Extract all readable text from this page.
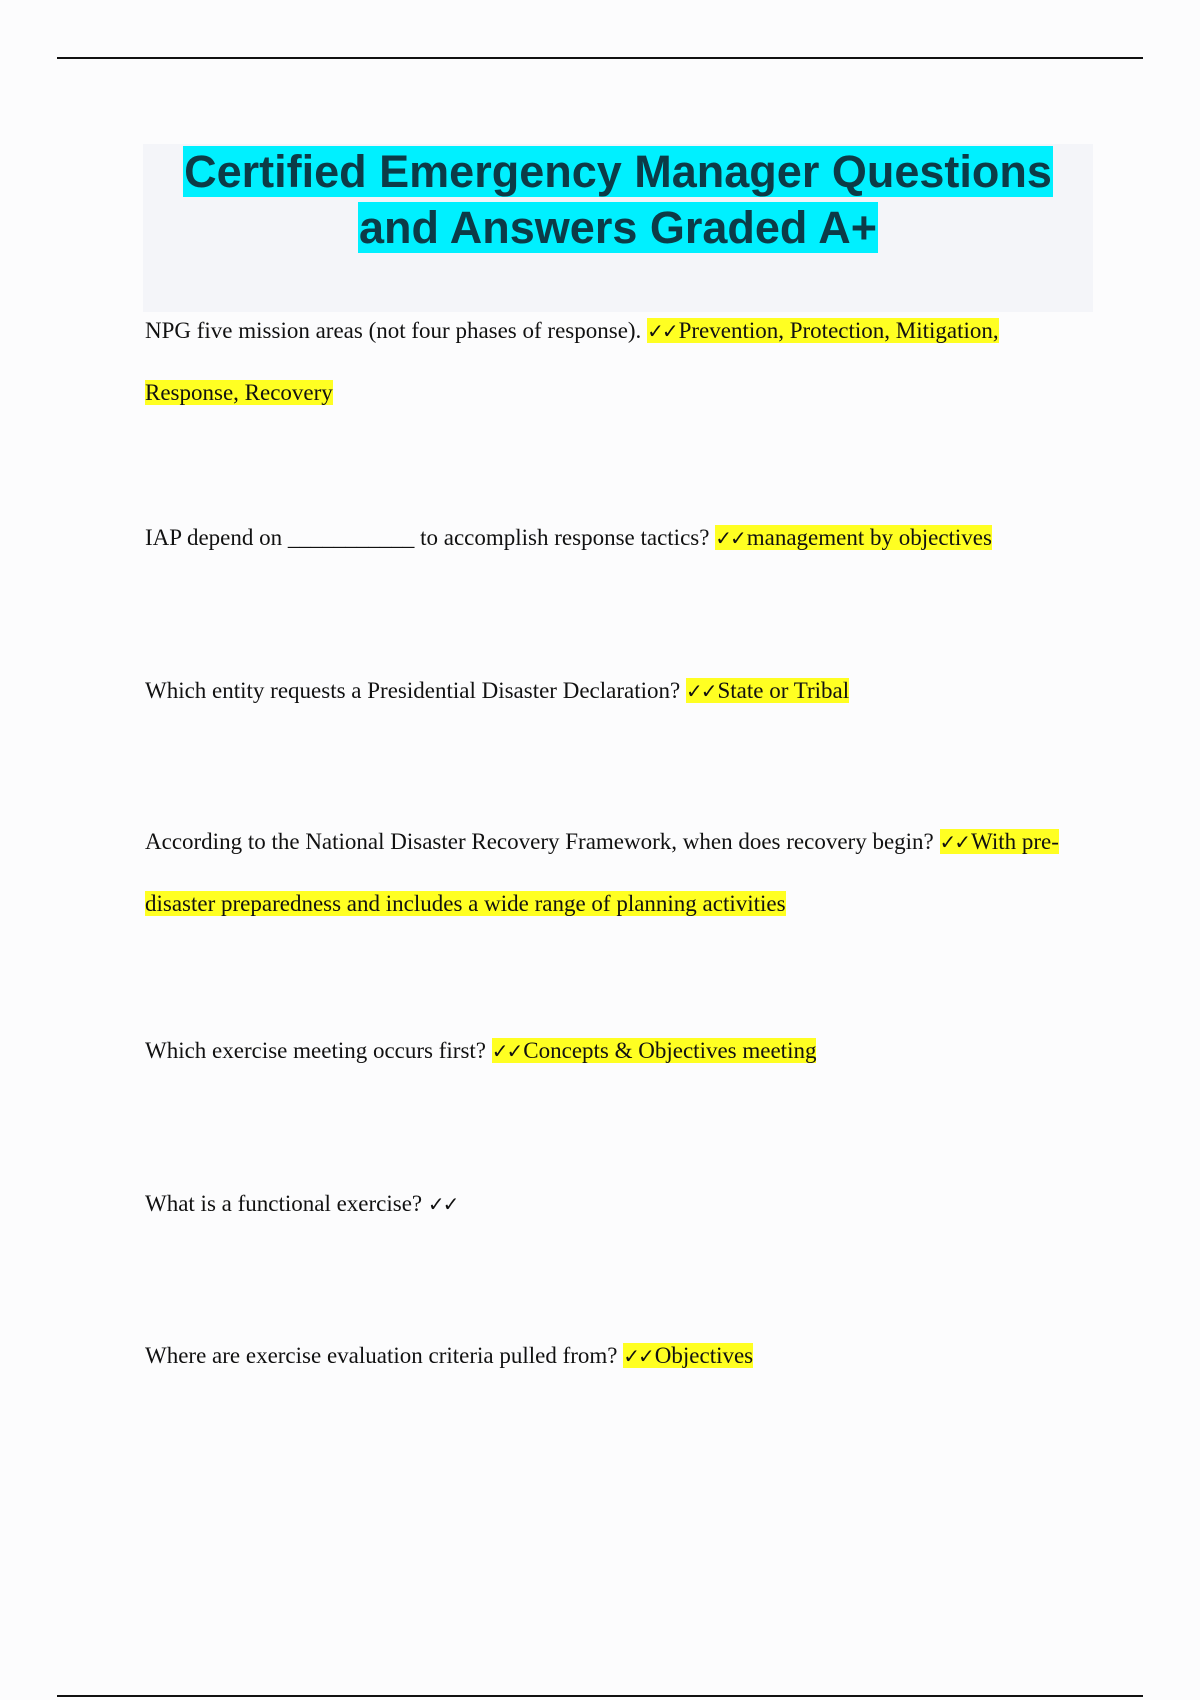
Certified Emergency Manager Questions
and Answers Graded A+

NPG five mission areas (not four phases of response). ✓✓Prevention, Protection, Mitigation, Response, Recovery

IAP depend on ___________ to accomplish response tactics? ✓✓management by objectives

Which entity requests a Presidential Disaster Declaration? ✓✓State or Tribal

According to the National Disaster Recovery Framework, when does recovery begin? ✓✓With pre-disaster preparedness and includes a wide range of planning activities

Which exercise meeting occurs first? ✓✓Concepts & Objectives meeting

What is a functional exercise? ✓✓

Where are exercise evaluation criteria pulled from? ✓✓Objectives
